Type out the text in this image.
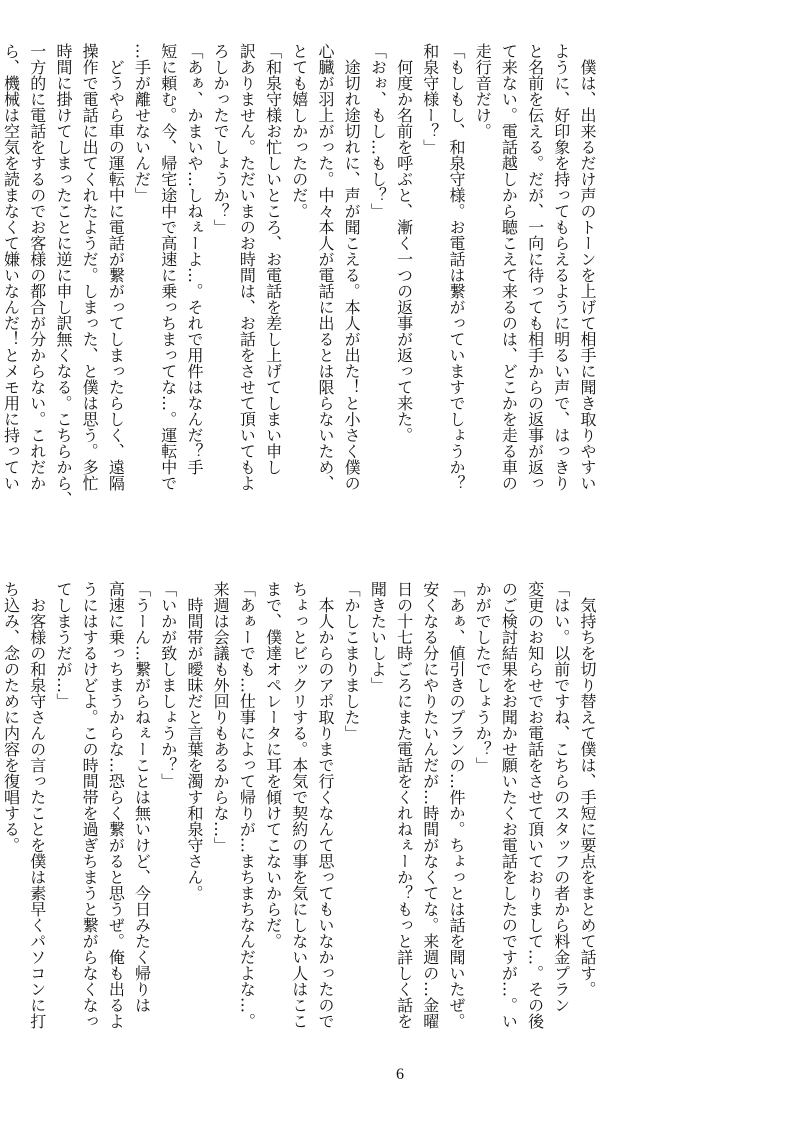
　僕は、出来るだけ声のトーンを上げて相手に聞き取りやすい
ように、好印象を持ってもらえるように明るい声で、はっきり
と名前を伝える。だが、一向に待っても相手からの返事が返っ
て来ない。電話越しから聴こえて来るのは、どこかを走る車の
走行音だけ。
「もしもし、和泉守様。お電話は繋がっていますでしょうか？
和泉守様ー？」
　何度か名前を呼ぶと、漸く一つの返事が返って来た。
「おぉ、もし…もし？」
　途切れ途切れに、声が聞こえる。本人が出た！と小さく僕の
心臓が羽上がった。中々本人が電話に出るとは限らないため、
とても嬉しかったのだ。
「和泉守様お忙しいところ、お電話を差し上げてしまい申し
訳ありません。ただいまのお時間は、お話をさせて頂いてもよ
ろしかったでしょうか？」
「あぁ、かまいや…しねぇーよ…。それで用件はなんだ？手
短に頼む。今、帰宅途中で高速に乗っちまってな…。運転中で
…手が離せないんだ」
　どうやら車の運転中に電話が繋がってしまったらしく、遠隔
操作で電話に出てくれたようだ。しまった、と僕は思う。多忙
時間に掛けてしまったことに逆に申し訳無くなる。こちらから、
一方的に電話をするのでお客様の都合が分からない。これだか
ら、機械は空気を読まなくて嫌いなんだ！とメモ用に持ってい
　気持ちを切り替えて僕は、手短に要点をまとめて話す。
「はい。以前ですね、こちらのスタッフの者から料金プラン
変更のお知らせでお電話をさせて頂いておりまして…。その後
のご検討結果をお聞かせ願いたくお電話をしたのですが…。い
かがでしたでしょうか？」
「あぁ、値引きのプランの…件か。ちょっとは話を聞いたぜ。
安くなる分にやりたいんだが…時間がなくてな。来週の…金曜
日の十七時ごろにまた電話をくれねぇーか？もっと詳しく話を
聞きたいしよ」
「かしこまりました」
　本人からのアポ取りまで行くなんて思ってもいなかったので
ちょっとビックリする。本気で契約の事を気にしない人はここ
まで、僕達オペレータに耳を傾けてこないからだ。
「あぁーでも…仕事によって帰りが…まちまちなんだよな…。
来週は会議も外回りもあるからな…」
　時間帯が曖昧だと言葉を濁す和泉守さん。
「いかが致しましょうか？」
「うーん…繋がらねぇーことは無いけど、今日みたく帰りは
高速に乗っちまうからな…恐らく繋がると思うぜ。俺も出るよ
うにはするけどよ。この時間帯を過ぎちまうと繋がらなくなっ
てしまうだが…」
　お客様の和泉守さんの言ったことを僕は素早くパソコンに打
ち込み、念のために内容を復唱する。

6
